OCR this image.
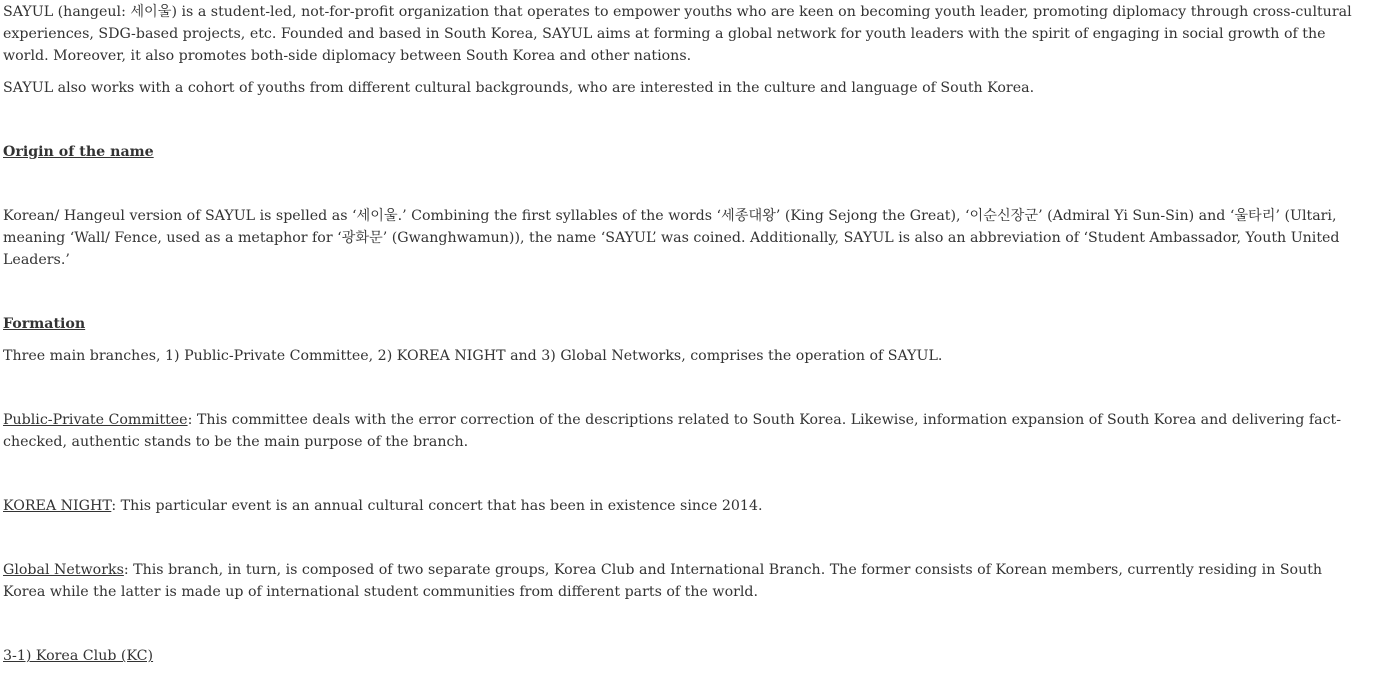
SAYUL (hangeul: 세이울) is a student-led, not-for-profit organization that operates to empower youths who are keen on becoming youth leader, promoting diplomacy through cross-cultural experiences, SDG-based projects, etc. Founded and based in South Korea, SAYUL aims at forming a global network for youth leaders with the spirit of engaging in social growth of the world. Moreover, it also promotes both-side diplomacy between South Korea and other nations.

SAYUL also works with a cohort of youths from different cultural backgrounds, who are interested in the culture and language of South Korea.

Origin of the name

Korean/ Hangeul version of SAYUL is spelled as ‘세이울.’ Combining the first syllables of the words ‘세종대왕’ (King Sejong the Great), ‘이순신장군’ (Admiral Yi Sun-Sin) and ‘울타리’ (Ultari, meaning ‘Wall/ Fence, used as a metaphor for ‘광화문’ (Gwanghwamun)), the name ‘SAYUL’ was coined. Additionally, SAYUL is also an abbreviation of ‘Student Ambassador, Youth United Leaders.’

Formation

Three main branches, 1) Public-Private Committee, 2) KOREA NIGHT and 3) Global Networks, comprises the operation of SAYUL.

Public-Private Committee: This committee deals with the error correction of the descriptions related to South Korea. Likewise, information expansion of South Korea and delivering fact-checked, authentic stands to be the main purpose of the branch.

KOREA NIGHT: This particular event is an annual cultural concert that has been in existence since 2014.

Global Networks: This branch, in turn, is composed of two separate groups, Korea Club and International Branch. The former consists of Korean members, currently residing in South Korea while the latter is made up of international student communities from different parts of the world.

3-1) Korea Club (KC)
